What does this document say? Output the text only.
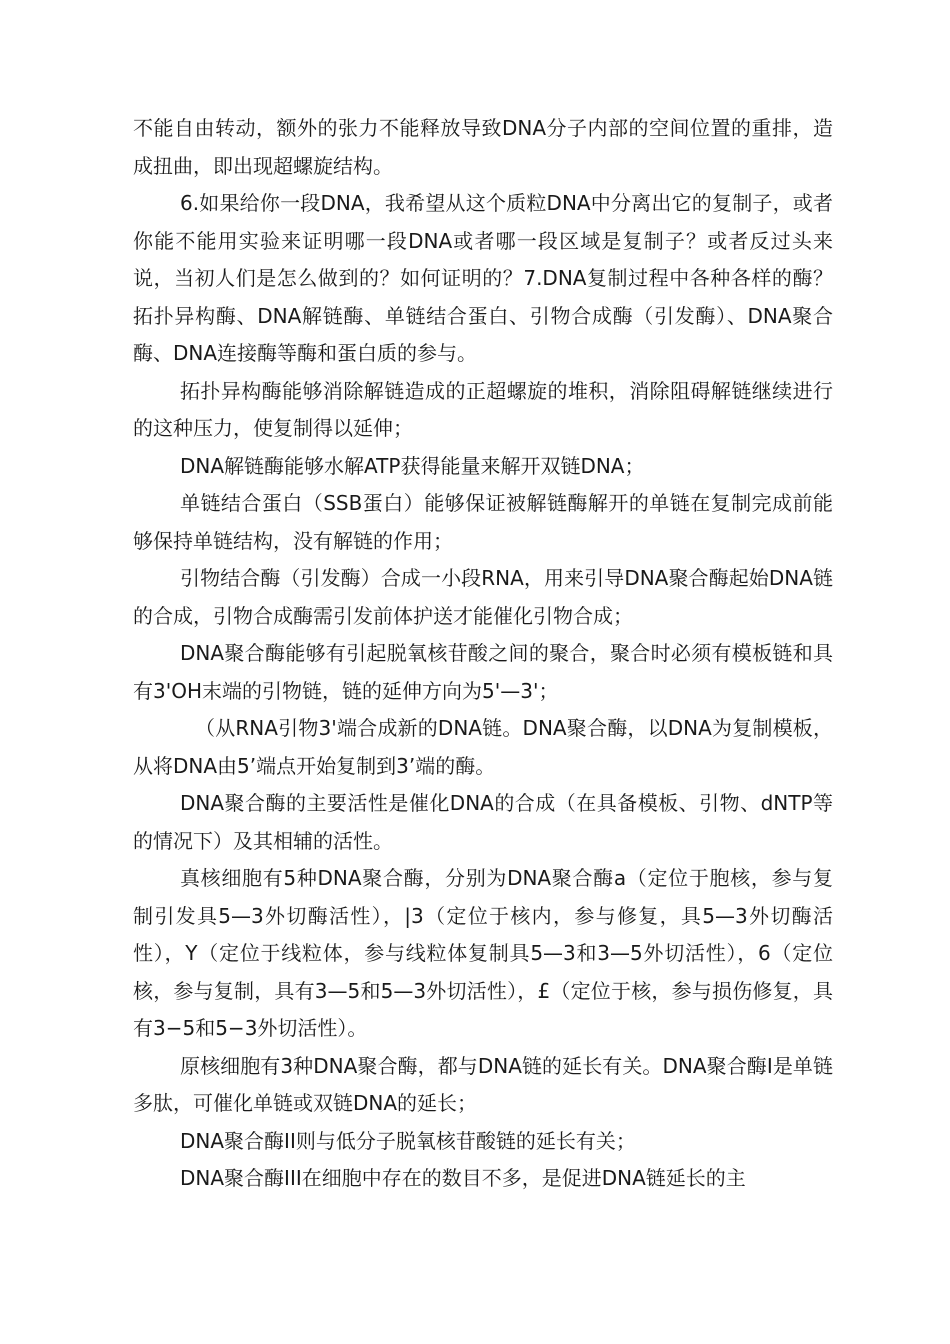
不能自由转动，额外的张力不能释放导致DNA分子内部的空间位置的重排，造成扭曲，即出现超螺旋结构。

6.如果给你一段DNA，我希望从这个质粒DNA中分离出它的复制子，或者你能不能用实验来证明哪一段DNA或者哪一段区域是复制子？或者反过头来说，当初人们是怎么做到的？如何证明的？7.DNA复制过程中各种各样的酶？拓扑异构酶、DNA解链酶、单链结合蛋白、引物合成酶（引发酶）、DNA聚合酶、DNA连接酶等酶和蛋白质的参与。

拓扑异构酶能够消除解链造成的正超螺旋的堆积，消除阻碍解链继续进行的这种压力，使复制得以延伸；

DNA解链酶能够水解ATP获得能量来解开双链DNA；

单链结合蛋白（SSB蛋白）能够保证被解链酶解开的单链在复制完成前能够保持单链结构，没有解链的作用；

引物结合酶（引发酶）合成一小段RNA，用来引导DNA聚合酶起始DNA链的合成，引物合成酶需引发前体护送才能催化引物合成；

DNA聚合酶能够有引起脱氧核苷酸之间的聚合，聚合时必须有模板链和具有3'OH末端的引物链，链的延伸方向为5'—3'；

（从RNA引物3'端合成新的DNA链。DNA聚合酶，以DNA为复制模板，从将DNA由5’端点开始复制到3’端的酶。

DNA聚合酶的主要活性是催化DNA的合成（在具备模板、引物、dNTP等的情况下）及其相辅的活性。

真核细胞有5种DNA聚合酶，分别为DNA聚合酶a（定位于胞核，参与复制引发具5—3外切酶活性），|3（定位于核内，参与修复，具5—3外切酶活性），Y（定位于线粒体，参与线粒体复制具5—3和3—5外切活性），6（定位核，参与复制，具有3—5和5—3外切活性），£（定位于核，参与损伤修复，具有3−5和5−3外切活性）。

原核细胞有3种DNA聚合酶，都与DNA链的延长有关。DNA聚合酶I是单链多肽，可催化单链或双链DNA的延长；

DNA聚合酶II则与低分子脱氧核苷酸链的延长有关；

DNA聚合酶III在细胞中存在的数目不多，是促进DNA链延长的主
